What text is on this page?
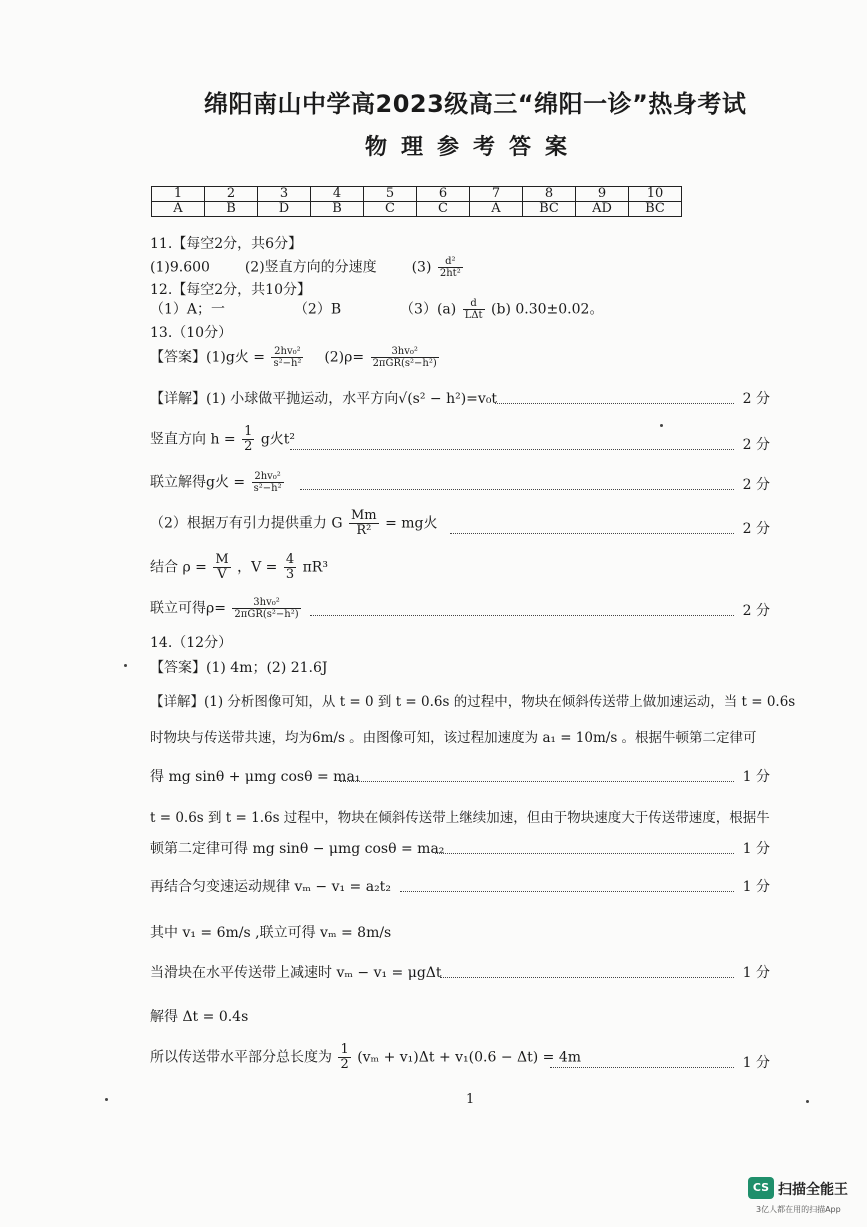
绵阳南山中学高2023级高三“绵阳一诊”热身考试
物理参考答案
1	2	3	4	5	6	7	8	9	10
A	B	D	B	C	C	A	BC	AD	BC
11.【每空2分，共6分】
(1)9.600 (2)竖直方向的分速度 $(3) \frac{\text{d²}}{\text{2ht²}}$
12.【每空2分，共10分】
（1）A；一	（2）B	$(3)(a) \frac{d}{\text{LΔt}} (b)$ 0.30±0.02。
13.（10分）
【答案】(1)g火 = $\frac{\text{2hv₀²}}{\text{s²−h²}} (2)\rho= \frac{\text{3hv₀²}}{\text{2πGR(s²−h²)}}$
【详解】(1) 小球做平抛运动，水平方向√(s² − h²)=v₀t	2 分
竖直方向 $h = \frac{1}{2}$ g火t²	2 分
联立解得g火 = $\frac{\text{2hv₀²}}{\text{s²−h²}}$	2 分
（2）根据万有引力提供重力 G $\frac{Mm}{\text{R²}}$ = mg火	2 分
结合 $\rho = \frac{M}{V}$ ，$V = \frac{4}{3} \pi R^3$
联立可得$\rho= \frac{\text{3hv₀²}}{\text{2πGR(s²−h²)}}$	2 分
14.（12分）
【答案】(1) 4m；(2) 21.6J
【详解】(1) 分析图像可知，从 t = 0 到 t = 0.6s 的过程中，物块在倾斜传送带上做加速运动，当 t = 0.6s
时物块与传送带共速，均为6m/s 。由图像可知，该过程加速度为 a₁ = 10m/s 。根据牛顿第二定律可
得 mg sinθ + μmg cosθ = ma₁	1 分
t = 0.6s 到 t = 1.6s 过程中，物块在倾斜传送带上继续加速，但由于物块速度大于传送带速度，根据牛
顿第二定律可得 mg sinθ − μmg cosθ = ma₂	1 分
再结合匀变速运动规律 vₘ − v₁ = a₂t₂	1 分
其中 v₁ = 6m/s ,联立可得 vₘ = 8m/s
当滑块在水平传送带上减速时 vₘ − v₁ = μgΔt	1 分
解得 Δt = 0.4s
所以传送带水平部分总长度为 $\frac{1}{2} (v_m + v_1)\Delta t + v_1(0.6 - \Delta t) = 4m$	1 分
1
CS 扫描全能王
3亿人都在用的扫描App
